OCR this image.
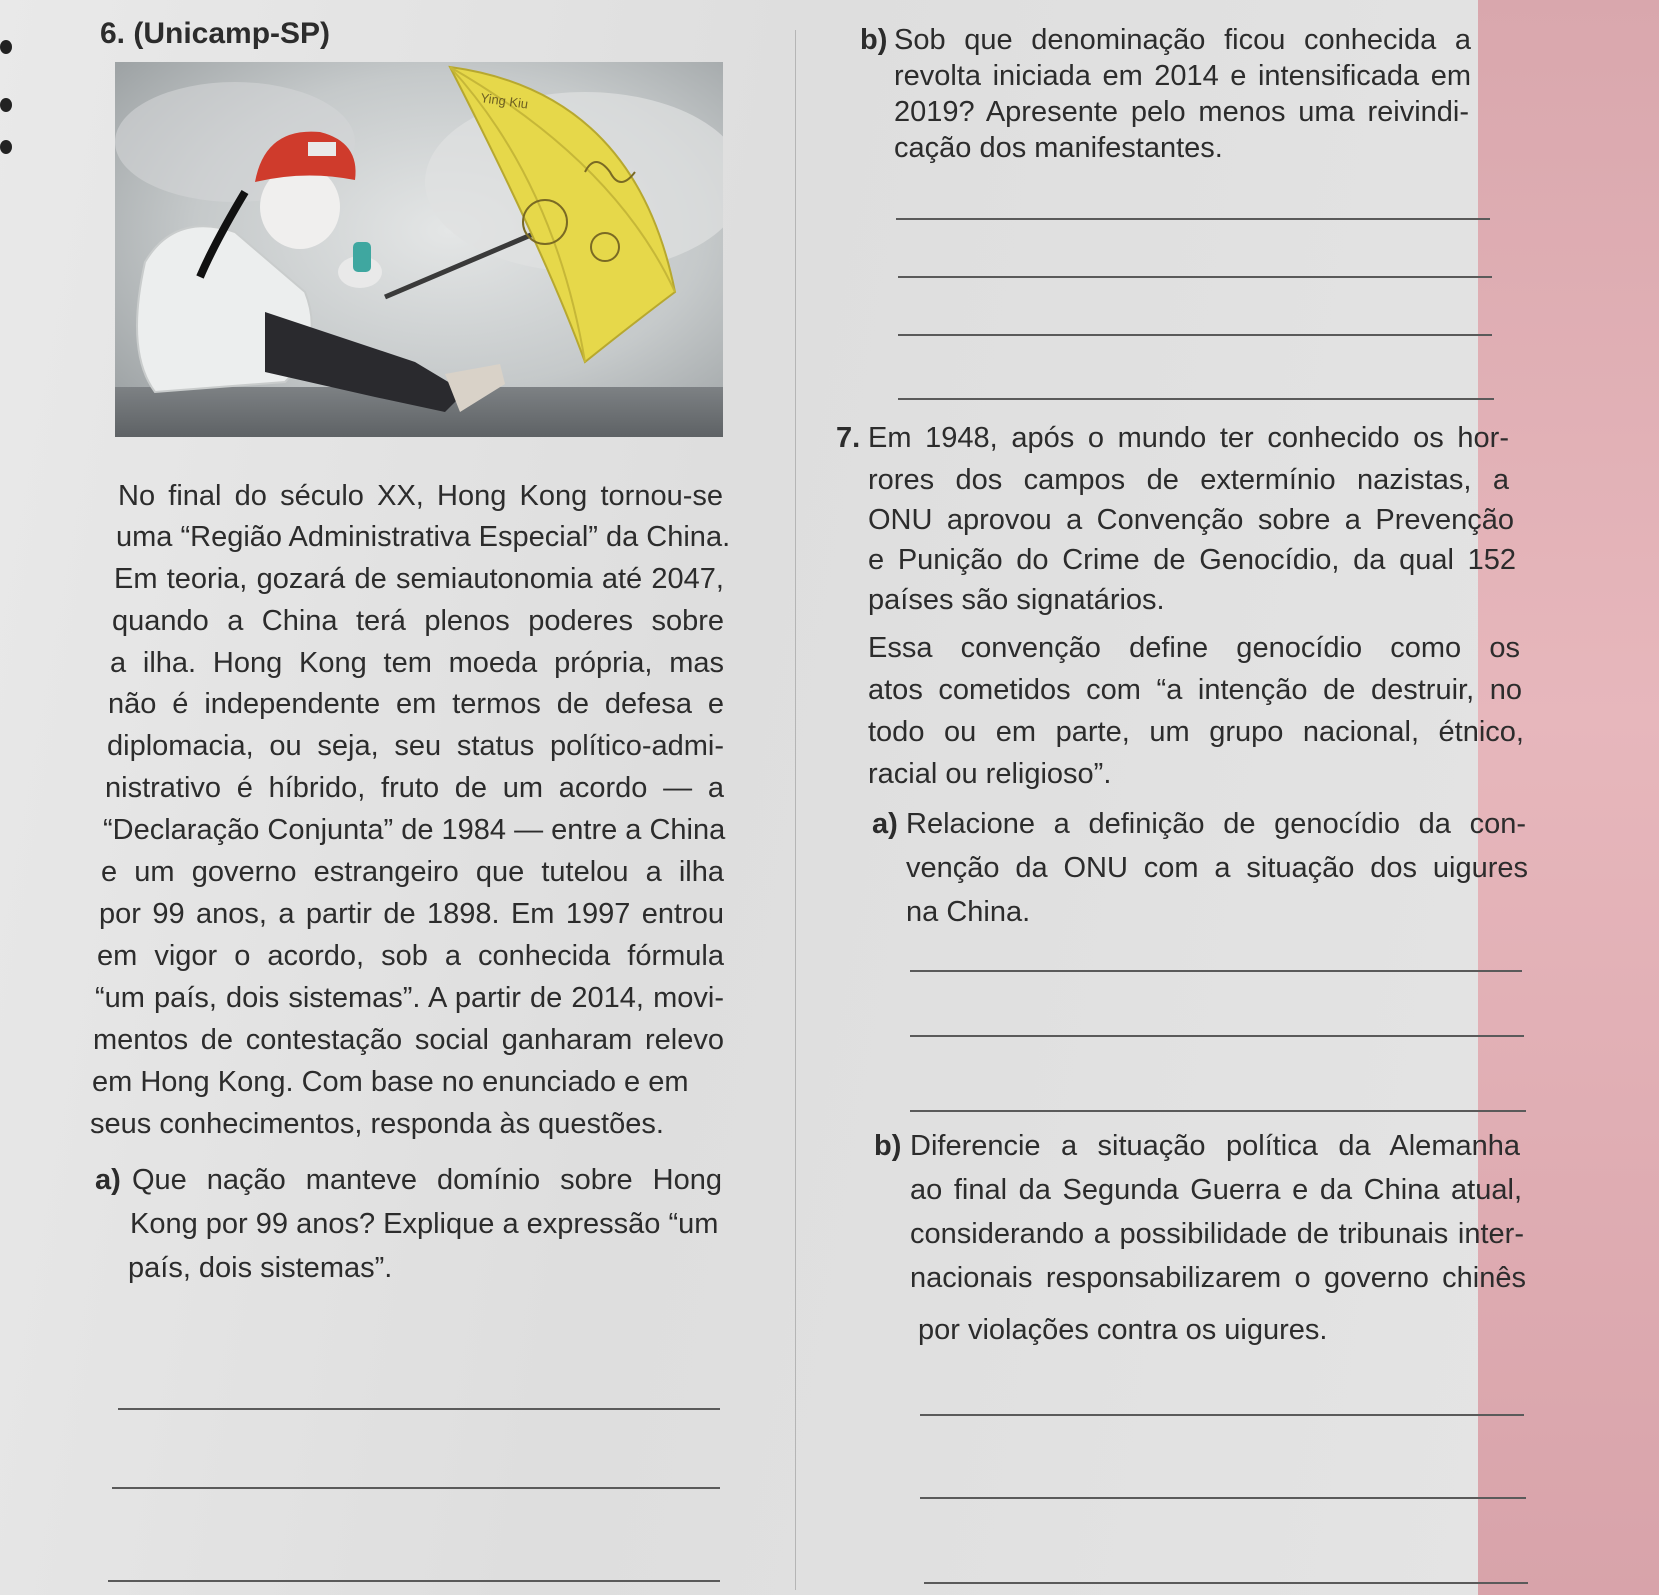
6. (Unicamp-SP)

Ying Kiu

No final do século XX, Hong Kong tornou-se

uma “Região Administrativa Especial” da China.

Em teoria, gozará de semiautonomia até 2047,

quando a China terá plenos poderes sobre

a ilha. Hong Kong tem moeda própria, mas

não é independente em termos de defesa e

diplomacia, ou seja, seu status político-admi-

nistrativo é híbrido, fruto de um acordo — a

“Declaração Conjunta” de 1984 — entre a China

e um governo estrangeiro que tutelou a ilha

por 99 anos, a partir de 1898. Em 1997 entrou

em vigor o acordo, sob a conhecida fórmula

“um país, dois sistemas”. A partir de 2014, movi-

mentos de contestação social ganharam relevo

em Hong Kong. Com base no enunciado e em

seus conhecimentos, responda às questões.

a) Que nação manteve domínio sobre Hong

Kong por 99 anos? Explique a expressão “um

país, dois sistemas”.

b) Sob que denominação ficou conhecida a

revolta iniciada em 2014 e intensificada em

2019? Apresente pelo menos uma reivindi-

cação dos manifestantes.

7. Em 1948, após o mundo ter conhecido os hor-

rores dos campos de extermínio nazistas, a

ONU aprovou a Convenção sobre a Prevenção

e Punição do Crime de Genocídio, da qual 152

países são signatários.

Essa convenção define genocídio como os

atos cometidos com “a intenção de destruir, no

todo ou em parte, um grupo nacional, étnico,

racial ou religioso”.

a) Relacione a definição de genocídio da con-

venção da ONU com a situação dos uigures

na China.

b) Diferencie a situação política da Alemanha

ao final da Segunda Guerra e da China atual,

considerando a possibilidade de tribunais inter-

nacionais responsabilizarem o governo chinês

por violações contra os uigures.
